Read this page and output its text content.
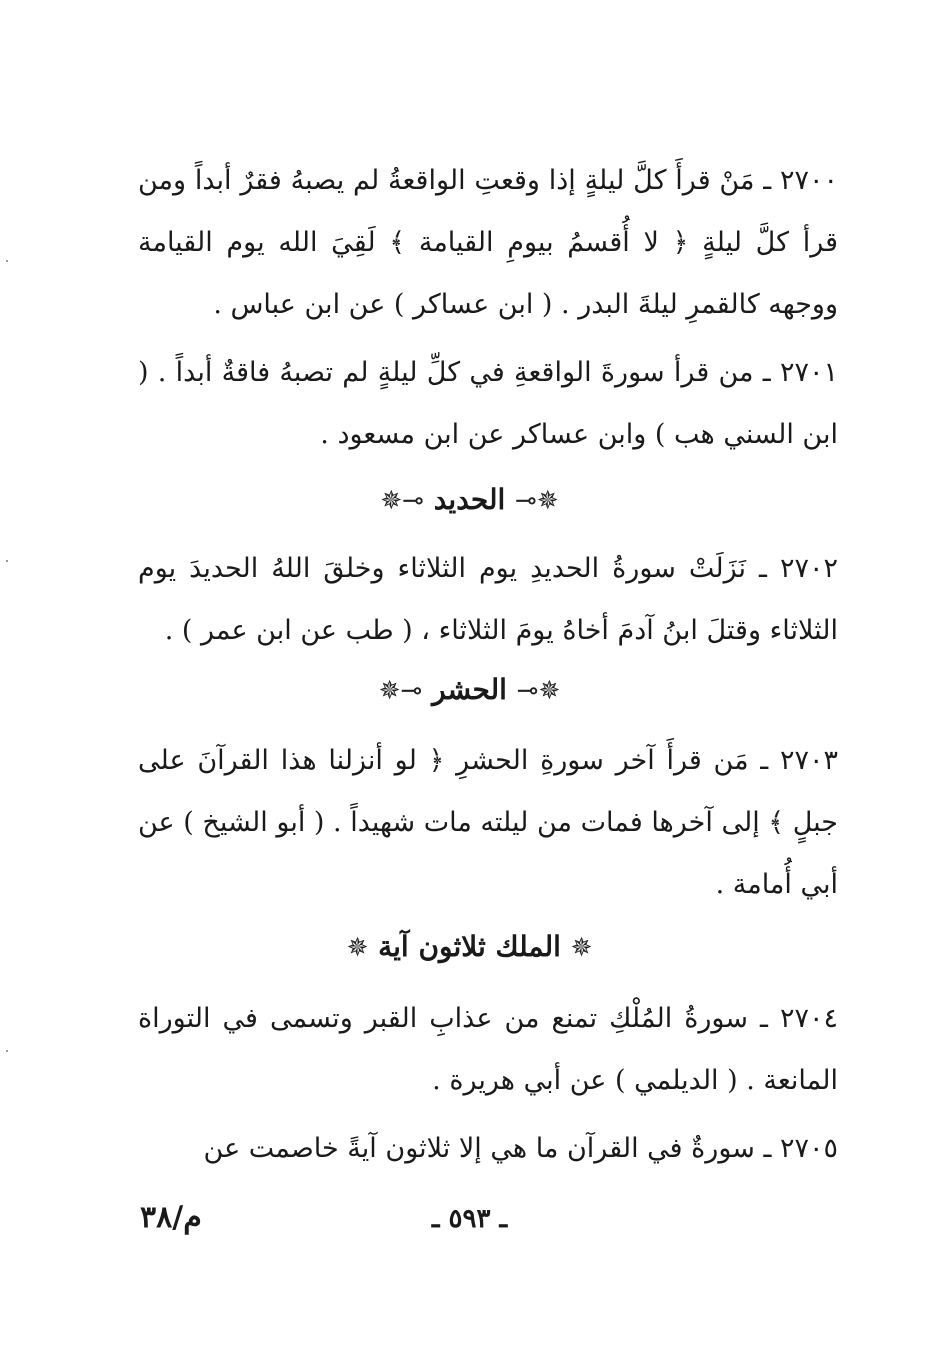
٢٧٠٠ ـ مَنْ قرأَ كلَّ ليلةٍ إذا وقعتِ الواقعةُ لم يصبهُ فقرٌ أبداً ومن قرأ كلَّ ليلةٍ ﴿ لا أُقسمُ بيومِ القيامة ﴾ لَقِيَ الله يوم القيامة ووجهه كالقمرِ ليلةَ البدر . ( ابن عساكر ) عن ابن عباس .

٢٧٠١ ـ من قرأ سورةَ الواقعةِ في كلِّ ليلةٍ لم تصبهُ فاقةٌ أبداً . ( ابن السني هب ) وابن عساكر عن ابن مسعود .

✵⟜ الحديد ⊸✵

٢٧٠٢ ـ نَزَلَتْ سورةُ الحديدِ يوم الثلاثاء وخلقَ اللهُ الحديدَ يوم الثلاثاء وقتلَ ابنُ آدمَ أخاهُ يومَ الثلاثاء ، ( طب عن ابن عمر ) .

✵⟜ الحشر ⊸✵

٢٧٠٣ ـ مَن قرأَ آخر سورةِ الحشرِ ﴿ لو أنزلنا هذا القرآنَ على جبلٍ ﴾ إلى آخرها فمات من ليلته مات شهيداً . ( أبو الشيخ ) عن أبي أُمامة .

✵ الملك ثلاثون آية ✵

٢٧٠٤ ـ سورةُ المُلْكِ تمنع من عذابِ القبر وتسمى في التوراة المانعة . ( الديلمي ) عن أبي هريرة .

٢٧٠٥ ـ سورةٌ في القرآن ما هي إلا ثلاثون آيةً خاصمت عن

ـ ٥٩٣ ـ
م/٣٨
